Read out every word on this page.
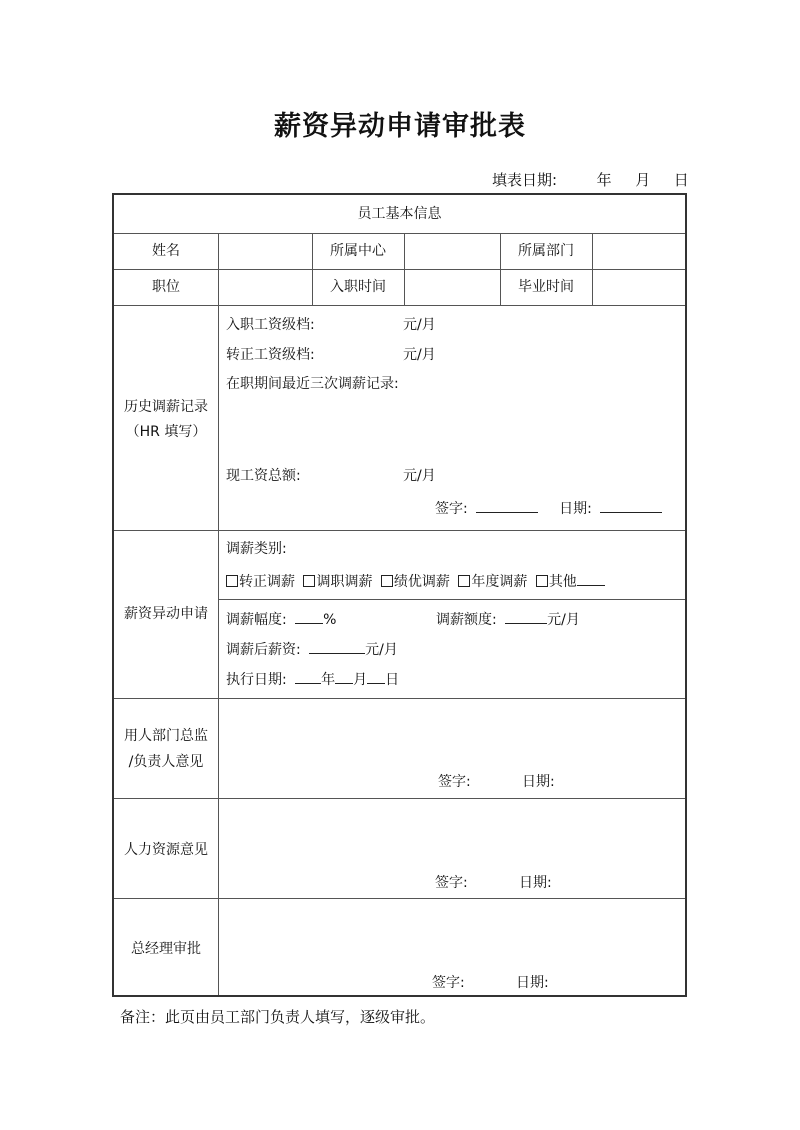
薪资异动申请审批表
填表日期:	年 月 日
员工基本信息
姓名	所属中心	所属部门
职位	入职时间	毕业时间
历史调薪记录
（HR 填写）
入职工资级档:	元/月
转正工资级档:	元/月
在职期间最近三次调薪记录:
现工资总额:	元/月
签字:	日期:
薪资异动申请
调薪类别:
转正调薪 调职调薪 绩优调薪 年度调薪 其他
调薪幅度:	%	调薪额度:	元/月
调薪后薪资:	元/月
执行日期: 年 月 日
用人部门总监
/负责人意见
签字:	日期:
人力资源意见
签字:	日期:
总经理审批
签字:	日期:
备注：此页由员工部门负责人填写，逐级审批。
